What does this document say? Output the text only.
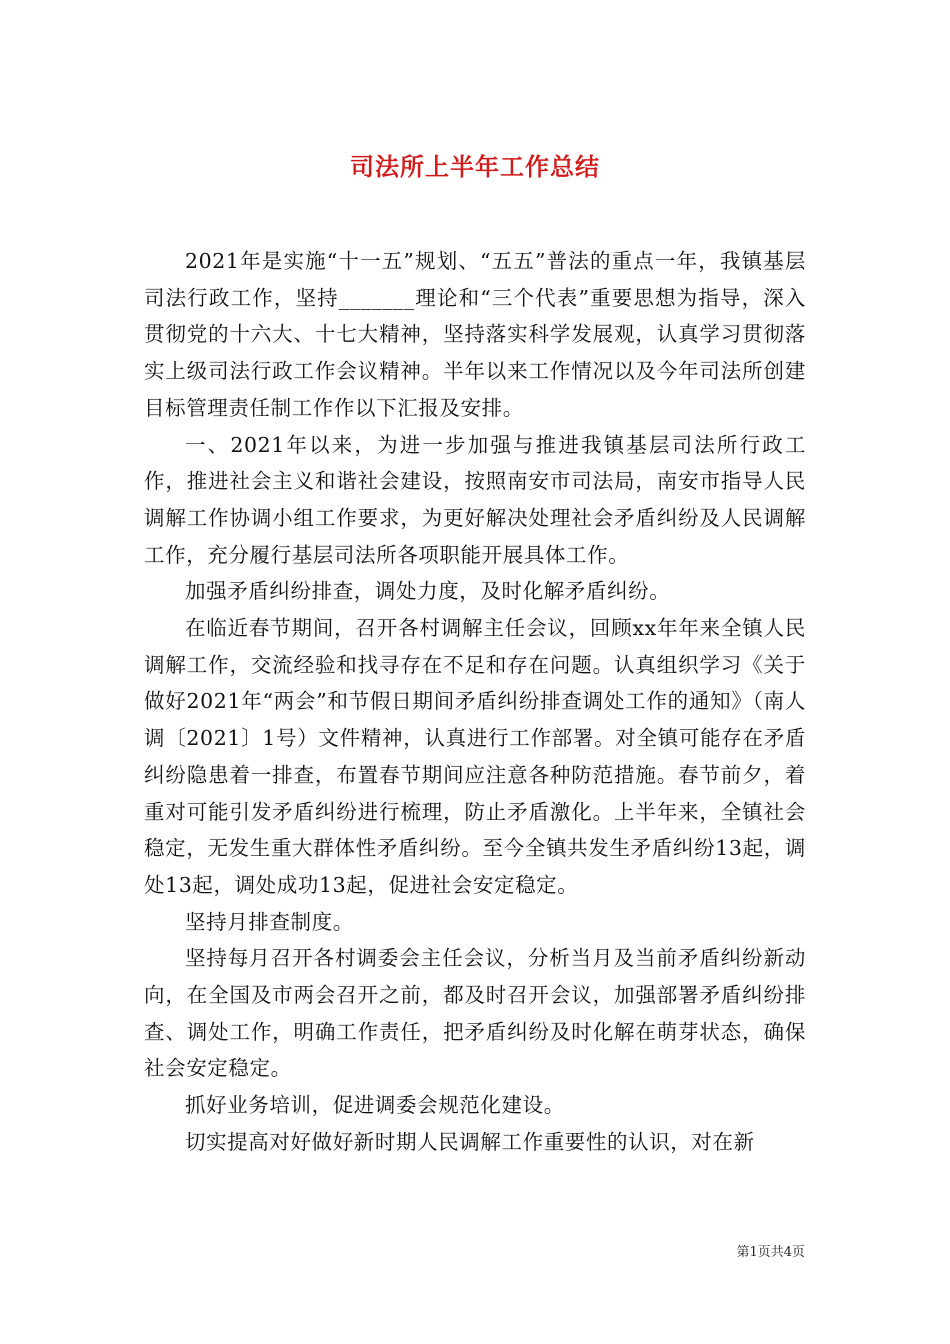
司法所上半年工作总结

2021年是实施“十一五”规划、“五五”普法的重点一年，我镇基层司法行政工作，坚持_______理论和“三个代表”重要思想为指导，深入贯彻党的十六大、十七大精神，坚持落实科学发展观，认真学习贯彻落实上级司法行政工作会议精神。半年以来工作情况以及今年司法所创建目标管理责任制工作作以下汇报及安排。

一、2021年以来，为进一步加强与推进我镇基层司法所行政工作，推进社会主义和谐社会建设，按照南安市司法局，南安市指导人民调解工作协调小组工作要求，为更好解决处理社会矛盾纠纷及人民调解工作，充分履行基层司法所各项职能开展具体工作。

加强矛盾纠纷排查，调处力度，及时化解矛盾纠纷。

在临近春节期间，召开各村调解主任会议，回顾xx年年来全镇人民调解工作，交流经验和找寻存在不足和存在问题。认真组织学习《关于做好2021年“两会”和节假日期间矛盾纠纷排查调处工作的通知》（南人调〔2021〕1号）文件精神，认真进行工作部署。对全镇可能存在矛盾纠纷隐患着一排查，布置春节期间应注意各种防范措施。春节前夕，着重对可能引发矛盾纠纷进行梳理，防止矛盾激化。上半年来，全镇社会稳定，无发生重大群体性矛盾纠纷。至今全镇共发生矛盾纠纷13起，调处13起，调处成功13起，促进社会安定稳定。

坚持月排查制度。

坚持每月召开各村调委会主任会议，分析当月及当前矛盾纠纷新动向，在全国及市两会召开之前，都及时召开会议，加强部署矛盾纠纷排查、调处工作，明确工作责任，把矛盾纠纷及时化解在萌芽状态，确保社会安定稳定。

抓好业务培训，促进调委会规范化建设。

切实提高对好做好新时期人民调解工作重要性的认识，对在新

第1页共4页
